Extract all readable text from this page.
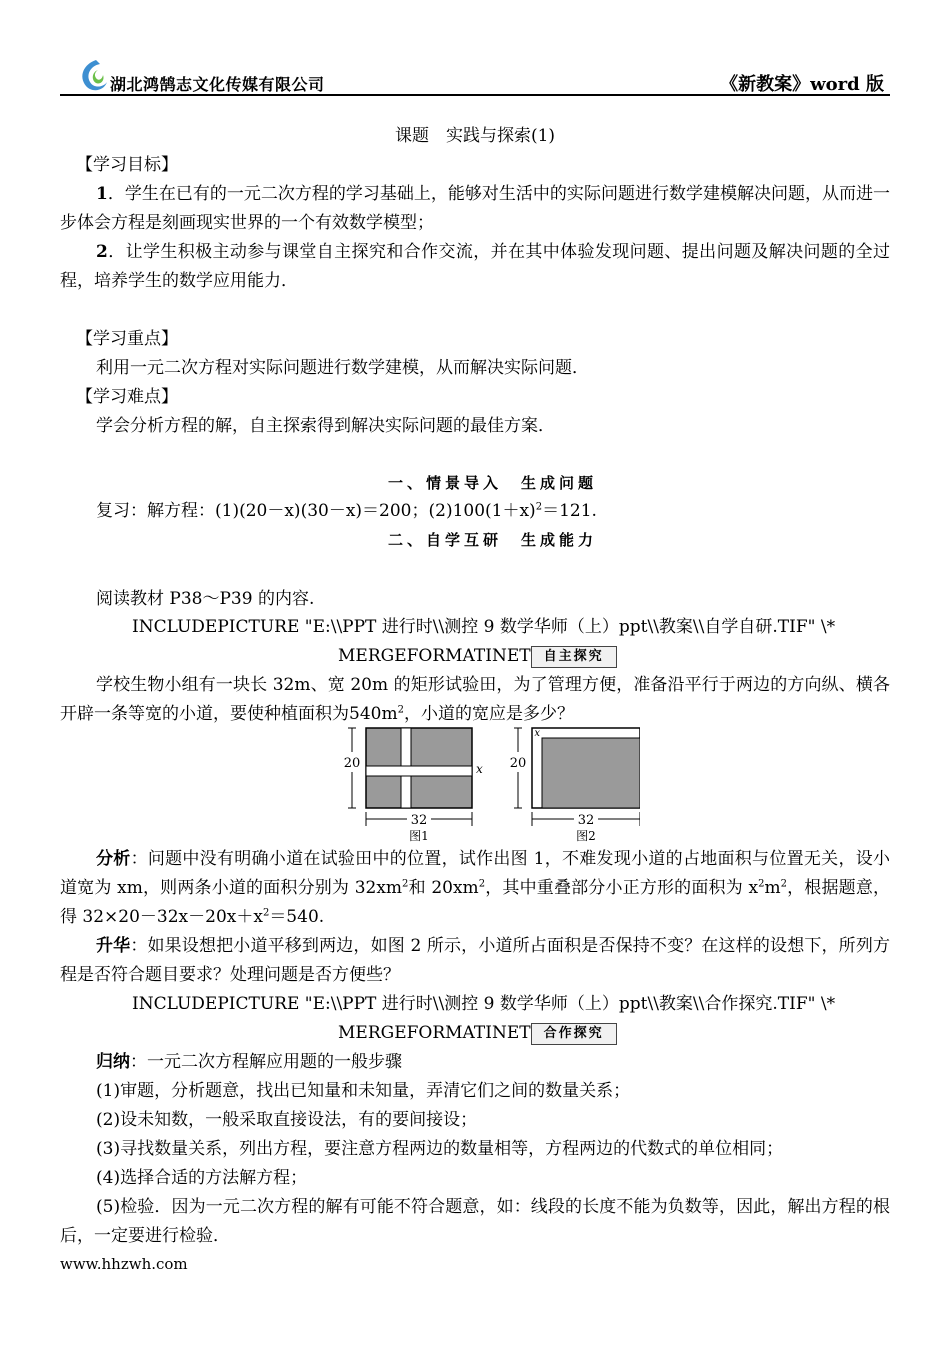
湖北鸿鹄志文化传媒有限公司	《新教案》word 版
课题　实践与探索(1)
【学习目标】
1．学生在已有的一元二次方程的学习基础上，能够对生活中的实际问题进行数学建模解决问题，从而进一步体会方程是刻画现实世界的一个有效数学模型；
2．让学生积极主动参与课堂自主探究和合作交流，并在其中体验发现问题、提出问题及解决问题的全过程，培养学生的数学应用能力．
【学习重点】
利用一元二次方程对实际问题进行数学建模，从而解决实际问题．
【学习难点】
学会分析方程的解，自主探索得到解决实际问题的最佳方案．
一、情景导入　生成问题
复习：解方程：(1)(20－x)(30－x)＝200；$(2)100(1+x)^2=121$.
二、自学互研　生成能力
阅读教材 P38～P39 的内容.
INCLUDEPICTURE "E:\\PPT 进行时\\测控 9 数学华师（上）ppt\\教案\\自学自研.TIF" \*
MERGEFORMATINET 自主探究
学校生物小组有一块长 32m、宽 20m 的矩形试验田，为了管理方便，准备沿平行于两边的方向纵、横各开辟一条等宽的小道，要使种植面积为$540m^2$，小道的宽应是多少？
20	x
32
图1
20
x
32
图2
分析：问题中没有明确小道在试验田中的位置，试作出图 1，不难发现小道的占地面积与位置无关，设小道宽为 xm，则两条小道的面积分别为 $32xm^2$和 $20xm^2$，其中重叠部分小正方形的面积为 $x^2m^2$，根据题意，得 $32\times 20-32x-20x+x^2=540$.
升华：如果设想把小道平移到两边，如图 2 所示，小道所占面积是否保持不变？在这样的设想下，所列方程是否符合题目要求？处理问题是否方便些？
INCLUDEPICTURE "E:\\PPT 进行时\\测控 9 数学华师（上）ppt\\教案\\合作探究.TIF" \*
MERGEFORMATINET 合作探究
归纳：一元二次方程解应用题的一般步骤
(1)审题，分析题意，找出已知量和未知量，弄清它们之间的数量关系；
(2)设未知数，一般采取直接设法，有的要间接设；
(3)寻找数量关系，列出方程，要注意方程两边的数量相等，方程两边的代数式的单位相同；
(4)选择合适的方法解方程；
(5)检验．因为一元二次方程的解有可能不符合题意，如：线段的长度不能为负数等，因此，解出方程的根后，一定要进行检验．
www.hhzwh.com
